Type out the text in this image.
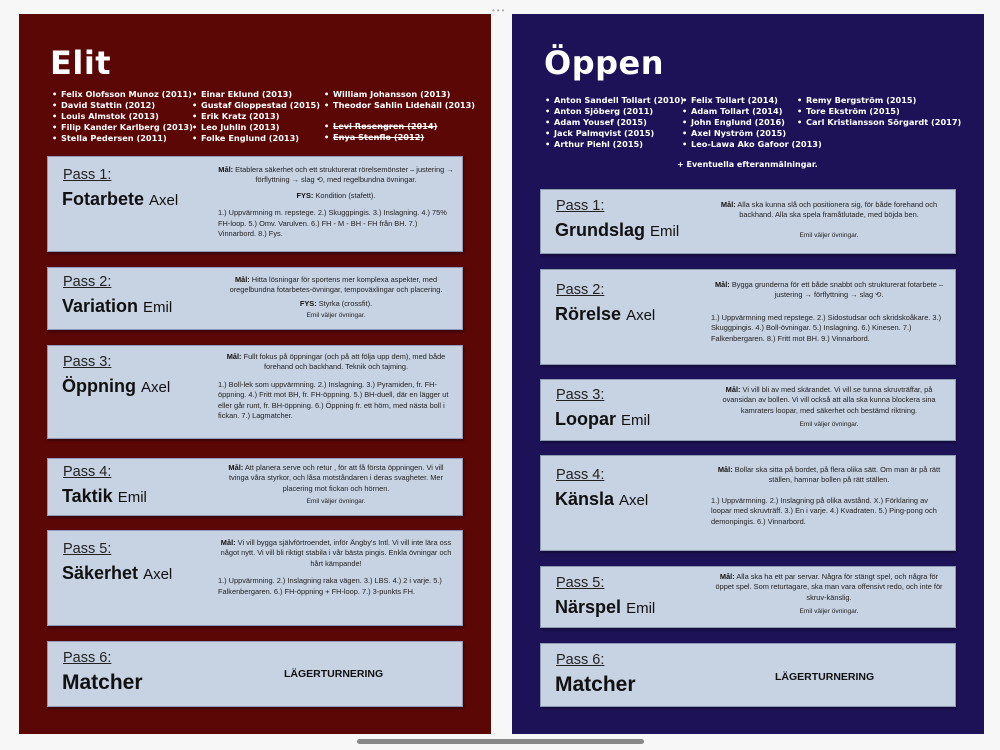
•••
Elit
• Felix Olofsson Munoz (2011)
• David Stattin (2012)
• Louis Almstok (2013)
• Filip Kander Karlberg (2013)
• Stella Pedersen (2011)
• Einar Eklund (2013)
• Gustaf Gloppestad (2015)
• Erik Kratz (2013)
• Leo Juhlin (2013)
• Folke Englund (2013)
• William Johansson (2013)
• Theodor Sahlin Lidehäll (2013)
• Levi Rosengren (2014)
• Enya Stenflo (2012)
Pass 1:
Fotarbete Axel

Mål: Etablera säkerhet och ett strukturerat rörelsemönster – justering → förflyttning → slag ⟲, med regelbundna övningar.

FYS: Kondition (stafett).

1.) Uppvärmning m. repstege. 2.) Skuggpingis. 3.) Inslagning. 4.) 75% FH-loop. 5.) Omv. Varulven. 6.) FH - M - BH - FH från BH. 7.) Vinnarbord. 8.) Fys.

Pass 2:
Variation Emil

Mål: Hitta lösningar för sportens mer komplexa aspekter, med oregelbundna fotarbetes-övningar, tempoväxlingar och placering.

FYS: Styrka (crossfit).

Emil väljer övningar.

Pass 3:
Öppning Axel

Mål: Fullt fokus på öppningar (och på att följa upp dem), med både forehand och backhand. Teknik och tajming.

1.) Boll-lek som uppvärmning. 2.) Inslagning. 3.) Pyramiden, fr. FH-öppning. 4.) Fritt mot BH, fr. FH-öppning. 5.) BH-duell, där en lägger ut eller går runt, fr. BH-öppning. 6.) Öppning fr. ett hörn, med nästa boll i fickan. 7.) Lagmatcher.

Pass 4:
Taktik Emil

Mål: Att planera serve och retur , för att få första öppningen. Vi vill tvinga våra styrkor, och låsa motståndaren i deras svagheter. Mer placering mot fickan och hörnen.

Emil väljer övningar.

Pass 5:
Säkerhet Axel

Mål: Vi vill bygga självförtroendet, inför Ängby's Intl. Vi vill inte lära oss något nytt. Vi vill bli riktigt stabila i vår bästa pingis. Enkla övningar och hårt kämpande!

1.) Uppvärmning. 2.) Inslagning raka vägen. 3.) LBS. 4.) 2 i varje. 5.) Falkenbergaren. 6.) FH-öppning + FH-loop. 7.) 3-punkts FH.

Pass 6:
Matcher	LÄGERTURNERING
Öppen
• Anton Sandell Tollart (2010)
• Anton Sjöberg (2011)
• Adam Yousef (2015)
• Jack Palmqvist (2015)
• Arthur Piehl (2015)
• Felix Tollart (2014)
• Adam Tollart (2014)
• John Englund (2016)
• Axel Nyström (2015)
• Leo-Lawa Ako Gafoor (2013)
• Remy Bergström (2015)
• Tore Ekström (2015)
• Carl Kristiansson Sörgardt (2017)
+ Eventuella efteranmälningar.
Pass 1:
Grundslag Emil

Mål: Alla ska kunna slå och positionera sig, för både forehand och backhand. Alla ska spela framåtlutade, med böjda ben.

Emil väljer övningar.

Pass 2:
Rörelse Axel

Mål: Bygga grunderna för ett både snabbt och strukturerat fotarbete – justering → förflyttning → slag ⟲.

1.) Uppvärmning med repstege. 2.) Sidostudsar och skridskoåkare. 3.) Skuggpingis. 4.) Boll-övningar. 5.) Inslagning. 6.) Kinesen. 7.) Falkenbergaren. 8.) Fritt mot BH. 9.) Vinnarbord.

Pass 3:
Loopar Emil

Mål: Vi vill bli av med skärandet. Vi vill se tunna skruvträffar, på ovansidan av bollen. Vi vill också att alla ska kunna blockera sina kamraters loopar, med säkerhet och bestämd riktning.

Emil väljer övningar.

Pass 4:
Känsla Axel

Mål: Bollar ska sitta på bordet, på flera olika sätt. Om man är på rätt ställen, hamnar bollen på rätt ställen.

1.) Uppvärmning. 2.) Inslagning på olika avstånd. X.) Förklaring av loopar med skruvträff. 3.) En i varje. 4.) Kvadraten. 5.) Ping-pong och demonpingis. 6.) Vinnarbord.

Pass 5:
Närspel Emil

Mål: Alla ska ha ett par servar. Några för stängt spel, och några för öppet spel. Som returtagare, ska man vara offensivt redo, och inte för skruv-känslig.

Emil väljer övningar.

Pass 6:
Matcher	LÄGERTURNERING
